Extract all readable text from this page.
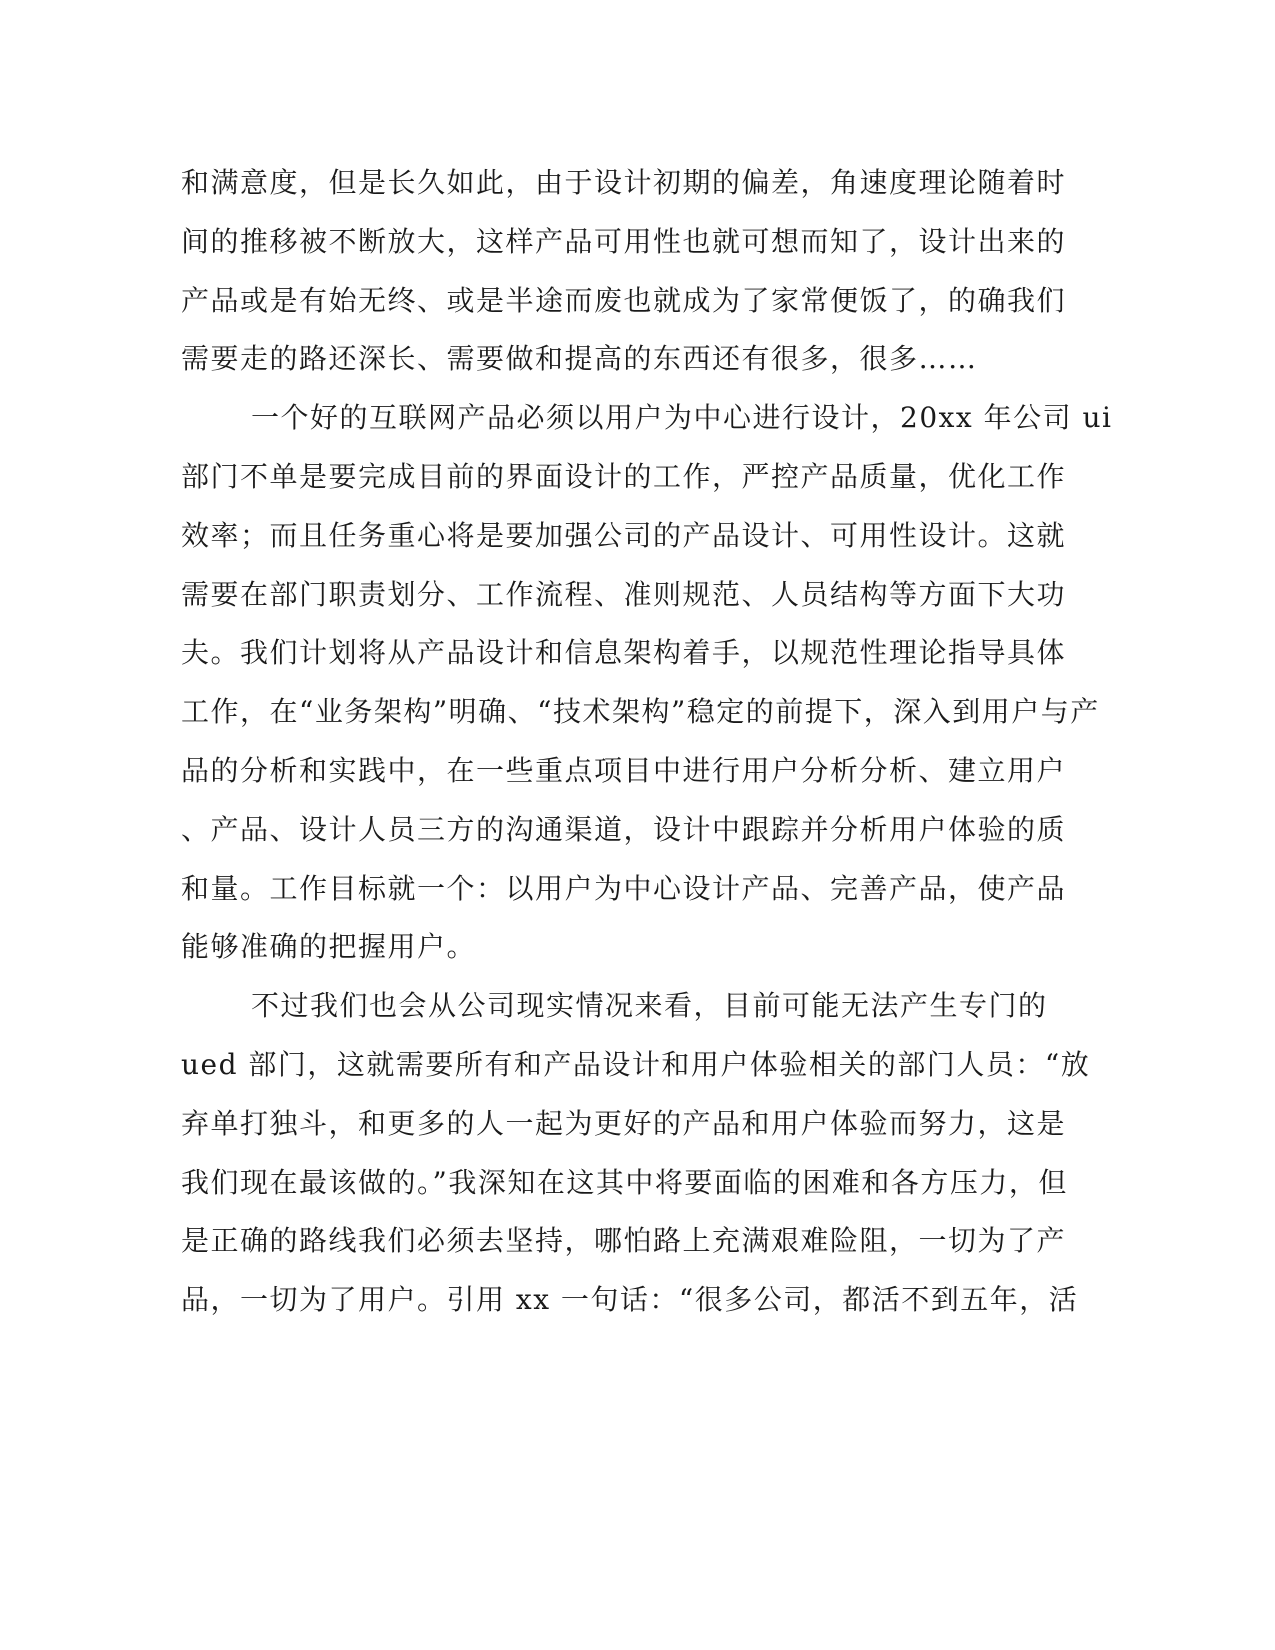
和满意度，但是长久如此，由于设计初期的偏差，角速度理论随着时
间的推移被不断放大，这样产品可用性也就可想而知了，设计出来的
产品或是有始无终、或是半途而废也就成为了家常便饭了，的确我们
需要走的路还深长、需要做和提高的东西还有很多，很多……
一个好的互联网产品必须以用户为中心进行设计，20xx 年公司 ui
部门不单是要完成目前的界面设计的工作，严控产品质量，优化工作
效率；而且任务重心将是要加强公司的产品设计、可用性设计。这就
需要在部门职责划分、工作流程、准则规范、人员结构等方面下大功
夫。我们计划将从产品设计和信息架构着手，以规范性理论指导具体
工作，在“业务架构”明确、“技术架构”稳定的前提下，深入到用户与产
品的分析和实践中，在一些重点项目中进行用户分析分析、建立用户
、产品、设计人员三方的沟通渠道，设计中跟踪并分析用户体验的质
和量。工作目标就一个：以用户为中心设计产品、完善产品，使产品
能够准确的把握用户。
不过我们也会从公司现实情况来看，目前可能无法产生专门的
ued 部门，这就需要所有和产品设计和用户体验相关的部门人员：“放
弃单打独斗，和更多的人一起为更好的产品和用户体验而努力，这是
我们现在最该做的。”我深知在这其中将要面临的困难和各方压力，但
是正确的路线我们必须去坚持，哪怕路上充满艰难险阻，一切为了产
品，一切为了用户。引用 xx 一句话：“很多公司，都活不到五年，活
